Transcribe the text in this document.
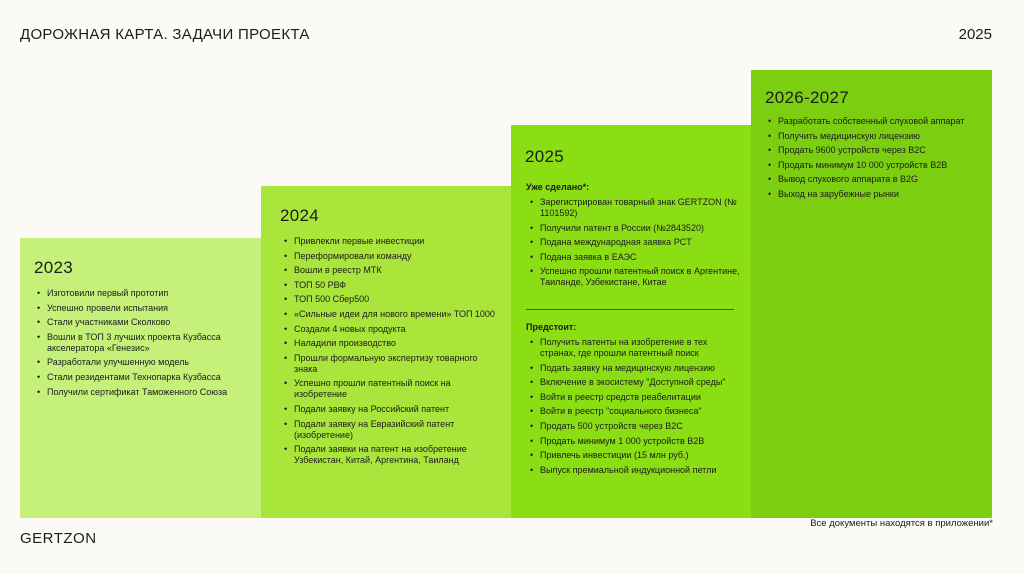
ДОРОЖНАЯ КАРТА. ЗАДАЧИ ПРОЕКТА	2025
2023
• Изготовили первый прототип
• Успешно провели испытания
• Стали участниками Сколково
• Вошли в ТОП 3 лучших проекта Кузбасса акселератора «Генезис»
• Разработали улучшенную модель
• Стали резидентами Технопарка Кузбасса
• Получили сертификат Таможенного Союза
2024
• Привлекли первые инвестиции
• Переформировали команду
• Вошли в реестр МТК
• ТОП 50 РВФ
• ТОП 500 Сбер500
• «Сильные идеи для нового времени» ТОП 1000
• Создали 4 новых продукта
• Наладили производство
• Прошли формальную экспертизу товарного знака
• Успешно прошли патентный поиск на изобретение
• Подали заявку на Российский патент
• Подали заявку на Евразийский патент (изобретение)
• Подали заявки на патент на изобретение Узбекистан, Китай, Аргентина, Таиланд
2025
Уже сделано*:
• Зарегистрирован товарный знак GERTZON (№ 1101592)
• Получили патент в России (№2843520)
• Подана международная заявка PCT
• Подана заявка в ЕАЭС
• Успешно прошли патентный поиск в Аргентине, Таиланде, Узбекистане, Китае
Предстоит:
• Получить патенты на изобретение в тех странах, где прошли патентный поиск
• Подать заявку на медицинскую лицензию
• Включение в экосистему "Доступной среды"
• Войти в реестр средств реабелитации
• Войти в реестр "социального бизнеса"
• Продать 500 устройств через B2C
• Продать минимум 1 000 устройств В2В
• Привлечь инвестиции (15 млн руб.)
• Выпуск премиальной индукционной петли
2026-2027
• Разработать собственный слуховой аппарат
• Получить медицинскую лицензию
• Продать 9600 устройств через B2C
• Продать минимум 10 000 устройств В2В
• Вывод слухового аппарата в B2G
• Выход на зарубежные рынки
Все документы находятся в приложении*
GERTZON
